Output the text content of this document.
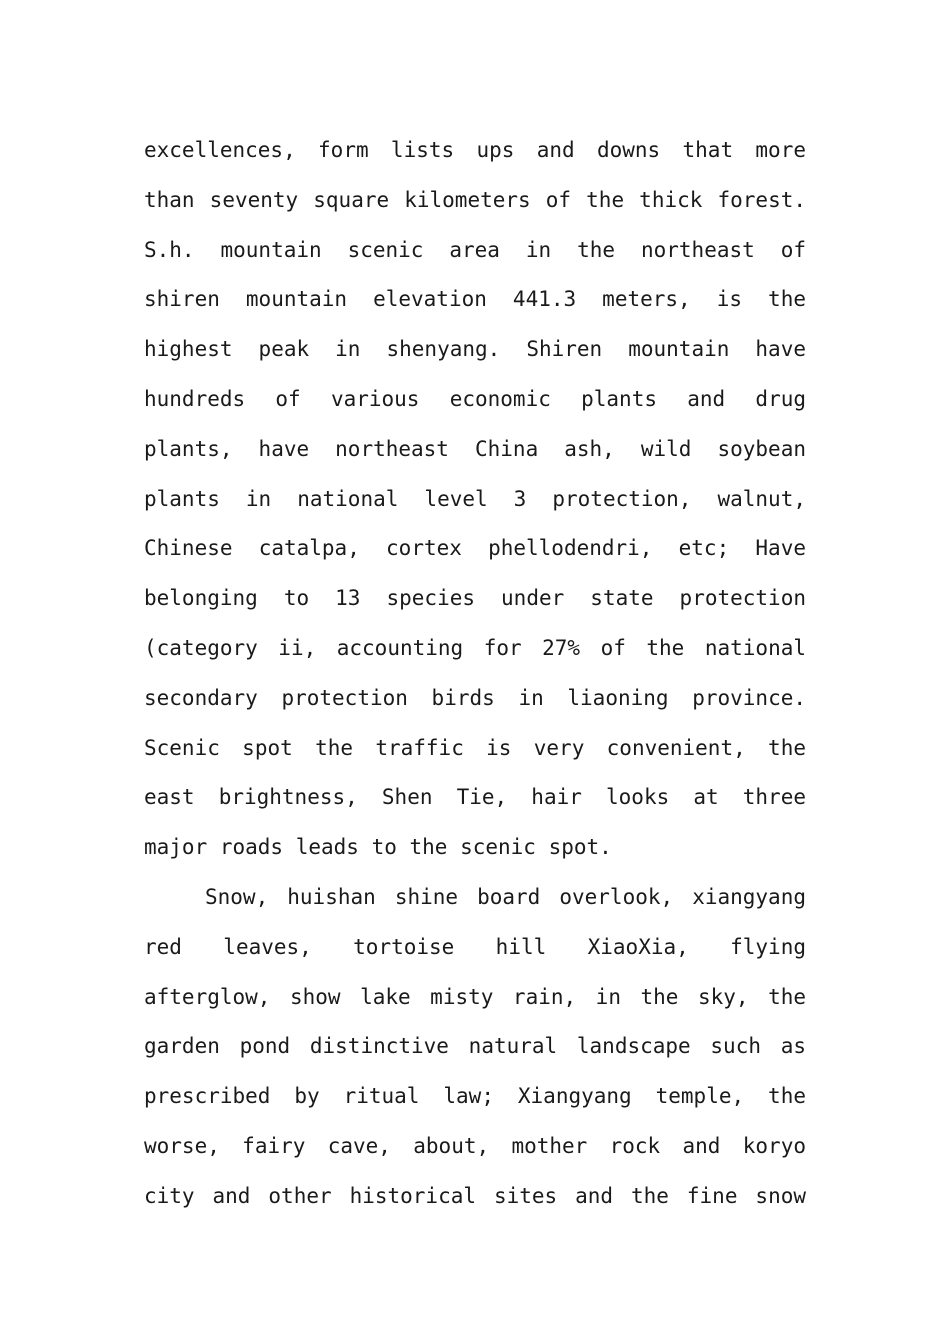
excellences, form lists ups and downs that more
than seventy square kilometers of the thick forest.
S.h. mountain scenic area in the northeast of
shiren mountain elevation 441.3 meters, is the
highest peak in shenyang. Shiren mountain have
hundreds of various economic plants and drug
plants, have northeast China ash, wild soybean
plants in national level 3 protection, walnut,
Chinese catalpa, cortex phellodendri, etc; Have
belonging to 13 species under state protection
(category ii, accounting for 27% of the national
secondary protection birds in liaoning province.
Scenic spot the traffic is very convenient, the
east brightness, Shen Tie, hair looks at three
major roads leads to the scenic spot.
Snow, huishan shine board overlook, xiangyang
red leaves, tortoise hill XiaoXia, flying
afterglow, show lake misty rain, in the sky, the
garden pond distinctive natural landscape such as
prescribed by ritual law; Xiangyang temple, the
worse, fairy cave, about, mother rock and koryo
city and other historical sites and the fine snow
